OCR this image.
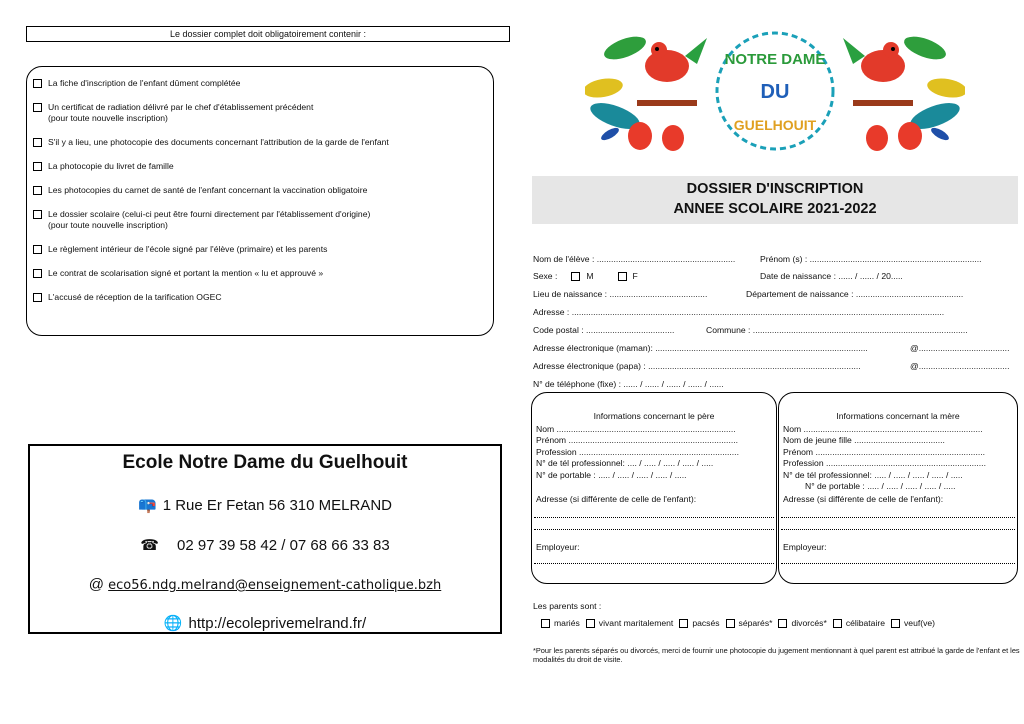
Le dossier complet doit obligatoirement contenir :
La fiche d'inscription de l'enfant dûment complétée
Un certificat de radiation délivré par le chef d'établissement précédent
(pour toute nouvelle inscription)
S'il y a lieu, une photocopie des documents concernant l'attribution de la garde de l'enfant
La photocopie du livret de famille
Les photocopies du carnet de santé de l'enfant concernant la vaccination obligatoire
Le dossier scolaire (celui-ci peut être fourni directement par l'établissement d'origine)
(pour toute nouvelle inscription)
Le règlement intérieur de l'école signé par l'élève (primaire) et les parents
Le contrat de scolarisation signé et portant la mention « lu et approuvé »
L'accusé de réception de la tarification OGEC
Ecole Notre Dame du Guelhouit
📪 1 Rue Er Fetan 56 310 MELRAND
☎ 02 97 39 58 42 / 07 68 66 33 83
@ eco56.ndg.melrand@enseignement-catholique.bzh
🌐 http://ecoleprivemelrand.fr/
NOTRE DAME
DU
GUELHOUIT
DOSSIER D'INSCRIPTION
ANNEE SCOLAIRE 2021-2022
Nom de l'élève : ..........................................................	Prénom (s) : ........................................................................
Sexe :	M	F	Date de naissance : ...... / ...... / 20.....
Lieu de naissance : .........................................	Département de naissance : .............................................
Adresse : ............................................................................................................................................................
Code postal : .....................................	Commune : ..........................................................................................
Adresse électronique (maman): .........................................................................................	@......................................
Adresse électronique (papa) : .........................................................................................	@......................................
N° de téléphone (fixe) : ...... / ...... / ...... / ...... / ......
Informations concernant le père
Nom ...........................................................................
Prénom .......................................................................
Profession ...................................................................
N° de tél professionnel: .... / ..... / ..... / ..... / .....
N° de portable : ..... / ..... / ..... / ..... / .....
Adresse (si différente de celle de l'enfant):
Employeur:
Informations concernant la mère
Nom ...........................................................................
Nom de jeune fille ......................................
Prénom .......................................................................
Profession ...................................................................
N° de tél professionnel: ..... / ..... / ..... / ..... / .....
N° de portable : ..... / ..... / ..... / ..... / .....
Adresse (si différente de celle de l'enfant):
Employeur:
Les parents sont :
mariés vivant maritalement pacsés séparés* divorcés* célibataire veuf(ve)
*Pour les parents séparés ou divorcés, merci de fournir une photocopie du jugement mentionnant à quel parent est attribué la garde de l'enfant et les modalités du droit de visite.
